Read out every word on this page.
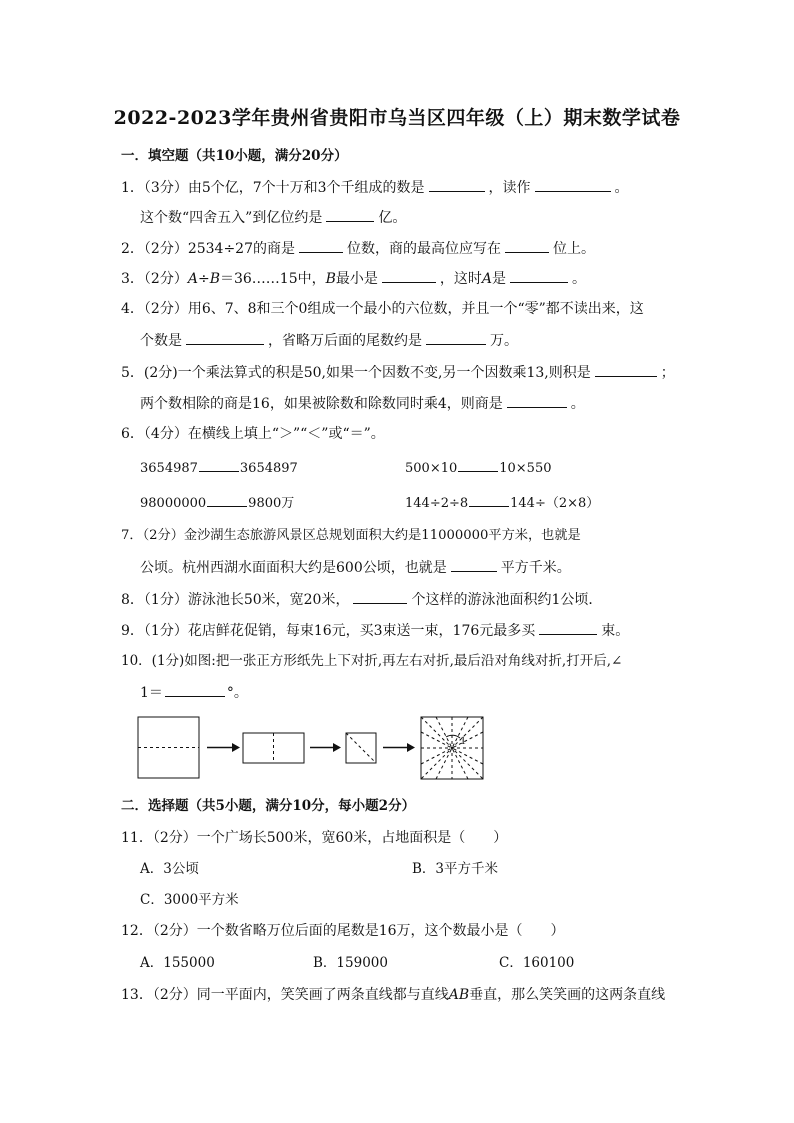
2022-2023学年贵州省贵阳市乌当区四年级（上）期末数学试卷
一．填空题（共10小题，满分20分）
1．（3分）由5个亿，7个十万和3个千组成的数是	，读作	。
这个数“四舍五入”到亿位约是	亿。
2．（2分）2534÷27的商是	位数，商的最高位应写在	位上。
3．（2分）A÷B＝36……15中，B最小是	，这时A是	。
4．（2分）用6、7、8和三个0组成一个最小的六位数，并且一个“零”都不读出来，这
个数是	，省略万后面的尾数约是	万。
5．(2分)一个乘法算式的积是50,如果一个因数不变,另一个因数乘13,则积是	；
两个数相除的商是16，如果被除数和除数同时乘4，则商是	。
6．（4分）在横线上填上“＞”“＜”或“＝”。
3654987	3654897	500×10	10×550
98000000	9800万	144÷2÷8	144÷（2×8）
7．（2分）金沙湖生态旅游风景区总规划面积大约是11000000平方米，也就是
公顷。杭州西湖水面面积大约是600公顷，也就是	平方千米。
8．（1分）游泳池长50米，宽20米，	个这样的游泳池面积约1公顷．
9．（1分）花店鲜花促销，每束16元，买3束送一束，176元最多买	束。
10．(1分)如图:把一张正方形纸先上下对折,再左右对折,最后沿对角线对折,打开后,∠
1＝	°。
1
二．选择题（共5小题，满分10分，每小题2分）
11．（2分）一个广场长500米，宽60米，占地面积是（　　）
A．3公顷	B．3平方千米
C．3000平方米
12．（2分）一个数省略万位后面的尾数是16万，这个数最小是（　　）
A．155000	B．159000	C．160100
13．（2分）同一平面内，笑笑画了两条直线都与直线AB垂直，那么笑笑画的这两条直线
